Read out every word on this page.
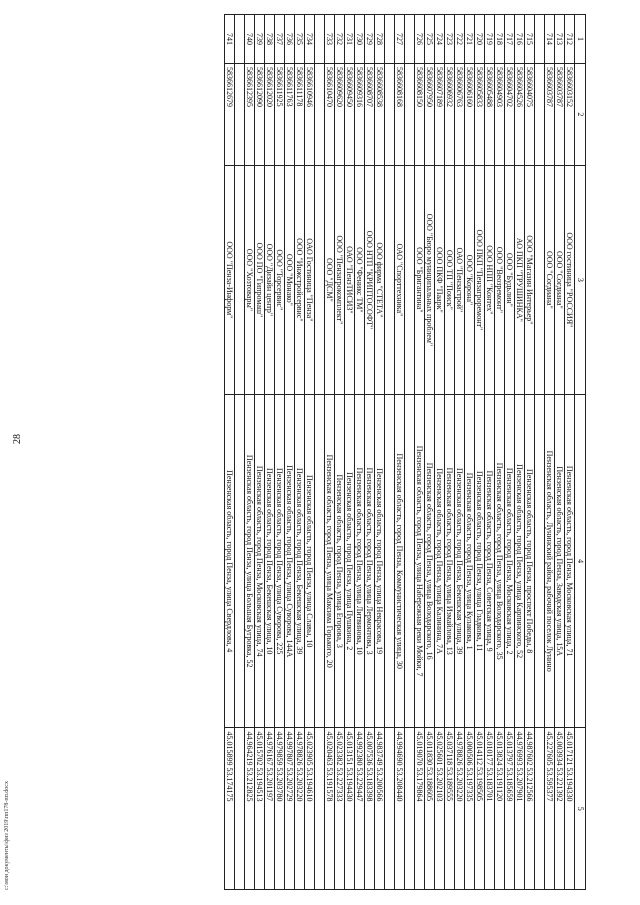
28
c:\мои документы\физ 2019\пп178-пп.docx
1	2	3	4	5
712	5836603152	ООО гостиница "РОССИЯ"	Пензенская область, город Пенза, Московская улица, 71	45.017121 53.194330
713	5836603787	ООО "Согдиана"	Пензенская область, город Пенза, Заводская улица, 15А	45.003934 53.221392
714	5836603787	ООО "Согдиана"	Пензенская область, Лунинский район, рабочий поселок Лунино	45.227605 53.595377

715	5836604075	ООО "Магазин Интерьер"	Пензенская область, город Пенза, проспект Победы, 8	44.987602 53.212566
716	5836604526	АО ПКП "ТРУШИНКА"	Пензенская область, город Пенза, улица Карпинского, 52	44.976993 53.207901
717	5836604702	ООО "Будьлин"	Пензенская область, город Пенза, Московская улица, 2	45.013797 53.185659
718	5836604903	ООО "Веозремонт"	Пензенская область, город Пенза, улица Володарского, 35	45.013824 53.191120
719	5836605488	ООО НПП "Контех"	Пензенская область, город Пенза, Советская улица, 9	45.010177 53.183701
720	5836605833	ООО ПКП "Пензагроремонт"	Пензенская область, город Пенза, улица Гладкова, 11	45.014112 53.198505
721	5836606160	ООО "Корона"	Пензенская область, город Пенза, улица Кулакова, 1	45.000506 53.197335
722	5836606763	ОАО "Пензастрой"	Пензенская область, город Пенза, Бекешская улица, 39	44.978826 53.203220
723	5836606932	ООО ТП "Поиск"	Пензенская область, город Пенза, улица Измайлова, 13	45.037118 53.189555
724	5836607189	ООО ПКФ "Паарк"	Пензенская область, город Пенза, улица Калинина, 7А	45.025601 53.202103
725	5836607950	ООО "Бюро муниципальных проблем"	Пензенская область, город Пенза, улица Володарского, 16	45.011830 53.188605
726	5836608150	ООО "Бригантина"	Пензенская область, город Пенза, улица Набережная реки Мойки, 7	45.019070 53.179864

727	5836608168	ОАО "Спорттехника"	Пензенская область, город Пенза, Коммунистическая улица, 30	44.994690 53.208440

728	5836608538	ООО фирма "СТЕТА"	Пензенская область, город Пенза, улица Некрасова, 19	44.983749 53.200566
729	5836608707	ООО НТП "КРИПТОСОФТ"	Пензенская область, город Пенза, улица Лермонтова, 3	45.007536 53.183398
730	5836609316	ООО "Феникс ТМ"	Пензенская область, город Пенза, улица Литвинова, 10	44.992380 53.229447
731	5836609450	ОАО "ПензТИСИЗ"	Пензенская область, город Пенза, улица Пушкина, 2	45.013151 53.194430
732	5836609620	ООО "Пензагрокомплект"	Пензенская область, город Пенза, улица Егорова, 3	45.023382 53.227333
733	5836610470	ООО "ДСМ"	Пензенская область, город Пенза, улица Максима Горького, 20	45.020463 53.191578

734	5836610946	ОАО Гостиница "Пенза"	Пензенская область, город Пенза, улица Славы, 10	45.023905 53.194610
735	5836611178	ООО "Инжстройсервис"	Пензенская область, город Пенза, Бекешская улица, 39	44.978826 53.203220
736	5836611763	ООО "Монако"	Пензенская область, город Пенза, улица Суворова, 144А	44.997807 53.202729
737	5836611925	ООО "Торсервис"	Пензенская область, город Пенза, улица Суворова, 225	44.979859 53.203780
738	5836612020	ООО "Дизайн центр"	Пензенская область, город Пенза, Бекешская улица, 10	44.976167 53.201197
739	5836612090	ООО ПО "Гипромаш"	Пензенская область, город Пенза, Московская улица, 74	45.015702 53.194513
740	5836612395	ООО "Хозтовары"	Пензенская область, город Пенза, улица Большая Бугровка, 52	44.964219 53.212825

741	5836612679	ООО "Пенза-Информ"	Пензенская область, город Пенза, улица Свердлова, 4	45.015899 53.174175
